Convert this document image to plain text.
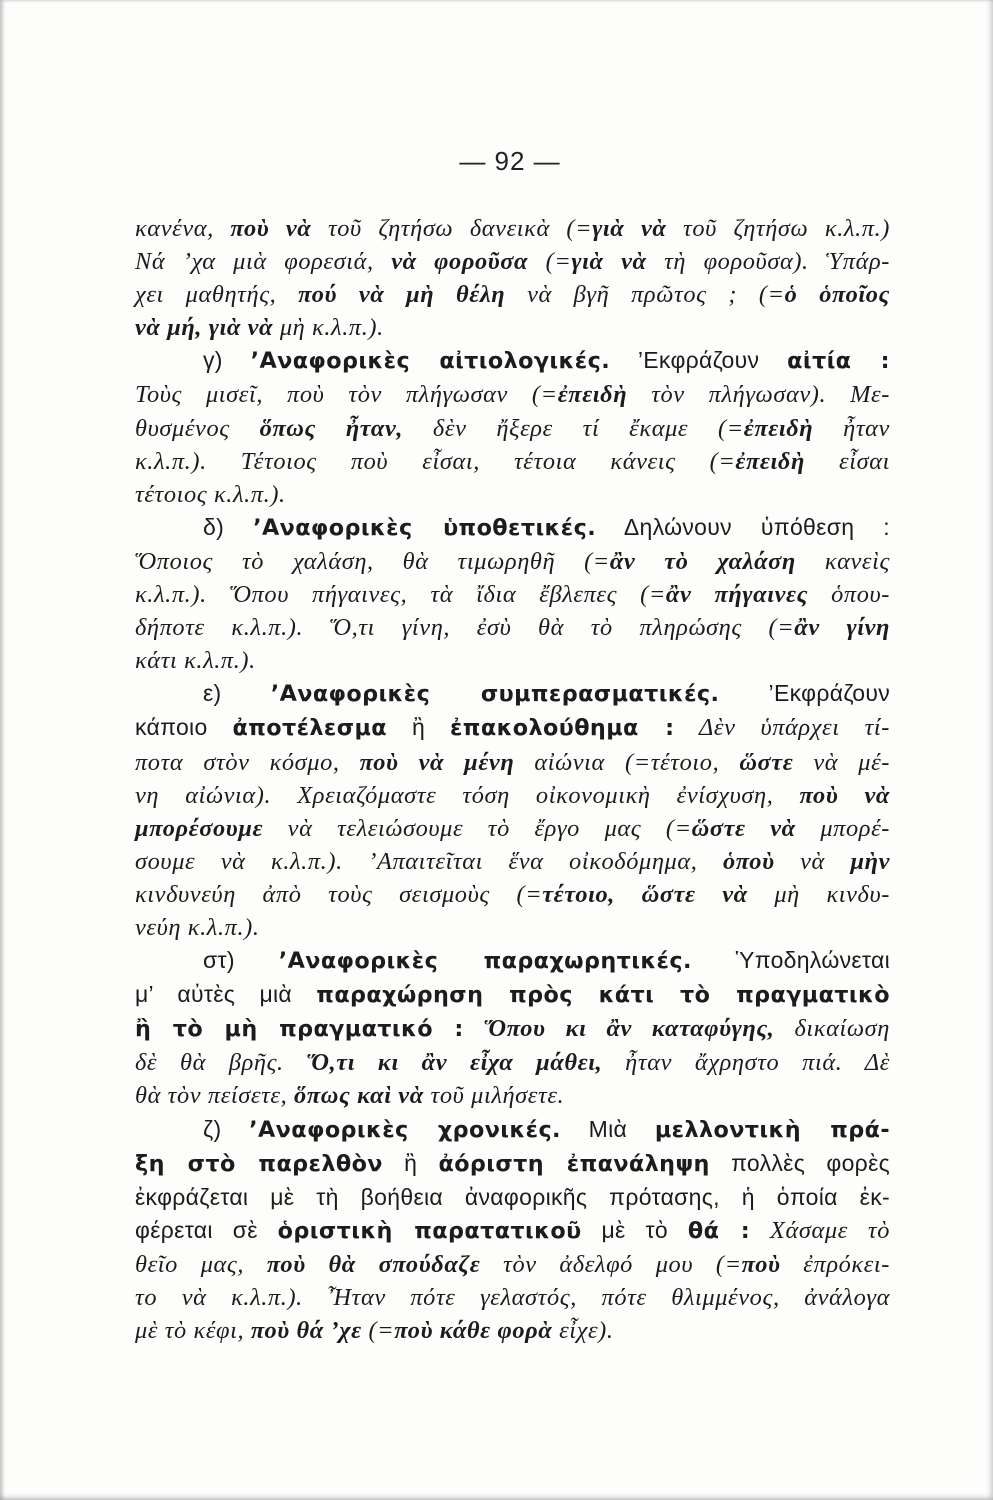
— 92 —
κανένα, ποὺ νὰ τοῦ ζητήσω δανεικὰ (=γιὰ νὰ τοῦ ζητήσω κ.λ.π.)
Νά ’χα μιὰ φορεσιά, νὰ φοροῦσα (=γιὰ νὰ τὴ φοροῦσα). Ὑπάρ-
χει μαθητής, πού νὰ μὴ θέλη νὰ βγῆ πρῶτος ; (=ὁ ὁποῖος
νὰ μή, γιὰ νὰ μὴ κ.λ.π.).
γ) ’Αναφορικὲς αἰτιολογικές. ’Εκφράζουν αἰτία :
Τοὺς μισεῖ, ποὺ τὸν πλήγωσαν (=ἐπειδὴ τὸν πλήγωσαν). Με-
θυσμένος ὅπως ἦταν, δὲν ἤξερε τί ἔκαμε (=ἐπειδὴ ἦταν
κ.λ.π.). Τέτοιος ποὺ εἶσαι, τέτοια κάνεις (=ἐπειδὴ εἶσαι
τέτοιος κ.λ.π.).
δ) ’Αναφορικὲς ὑποθετικές. Δηλώνουν ὑπόθεση :
Ὅποιος τὸ χαλάση, θὰ τιμωρηθῆ (=ἂν τὸ χαλάση κανεὶς
κ.λ.π.). Ὅπου πήγαινες, τὰ ἴδια ἔβλεπες (=ἂν πήγαινες ὁπου-
δήποτε κ.λ.π.). Ὅ,τι γίνη, ἐσὺ θὰ τὸ πληρώσης (=ἂν γίνη
κάτι κ.λ.π.).
ε) ’Αναφορικὲς συμπερασματικές. ’Εκφράζουν
κάποιο ἀποτέλεσμα ἢ ἐπακολούθημα : Δὲν ὑπάρχει τί-
ποτα στὸν κόσμο, ποὺ νὰ μένη αἰώνια (=τέτοιο, ὥστε νὰ μέ-
νη αἰώνια). Χρειαζόμαστε τόση οἰκονομικὴ ἐνίσχυση, ποὺ νὰ
μπορέσουμε νὰ τελειώσουμε τὸ ἔργο μας (=ὥστε νὰ μπορέ-
σουμε νὰ κ.λ.π.). ’Απαιτεῖται ἕνα οἰκοδόμημα, ὁποὺ νὰ μὴν
κινδυνεύη ἀπὸ τοὺς σεισμοὺς (=τέτοιο, ὥστε νὰ μὴ κινδυ-
νεύη κ.λ.π.).
στ) ’Αναφορικὲς παραχωρητικές. Ὑποδηλώνεται
μ’ αὐτὲς μιὰ παραχώρηση πρὸς κάτι τὸ πραγματικὸ
ἢ τὸ μὴ πραγματικό : Ὅπου κι ἂν καταφύγης, δικαίωση
δὲ θὰ βρῆς. Ὅ,τι κι ἂν εἶχα μάθει, ἦταν ἄχρηστο πιά. Δὲ
θὰ τὸν πείσετε, ὅπως καὶ νὰ τοῦ μιλήσετε.
ζ) ’Αναφορικὲς χρονικές. Μιὰ μελλοντικὴ πρά-
ξη στὸ παρελθὸν ἢ ἀόριστη ἐπανάληψη πολλὲς φορὲς
ἐκφράζεται μὲ τὴ βοήθεια ἀναφορικῆς πρότασης, ἡ ὁποία ἐκ-
φέρεται σὲ ὁριστικὴ παρατατικοῦ μὲ τὸ θά : Χάσαμε τὸ
θεῖο μας, ποὺ θὰ σπούδαζε τὸν ἀδελφό μου (=ποὺ ἐπρόκει-
το νὰ κ.λ.π.). Ἦταν πότε γελαστός, πότε θλιμμένος, ἀνάλογα
μὲ τὸ κέφι, ποὺ θά ’χε (=ποὺ κάθε φορὰ εἶχε).
